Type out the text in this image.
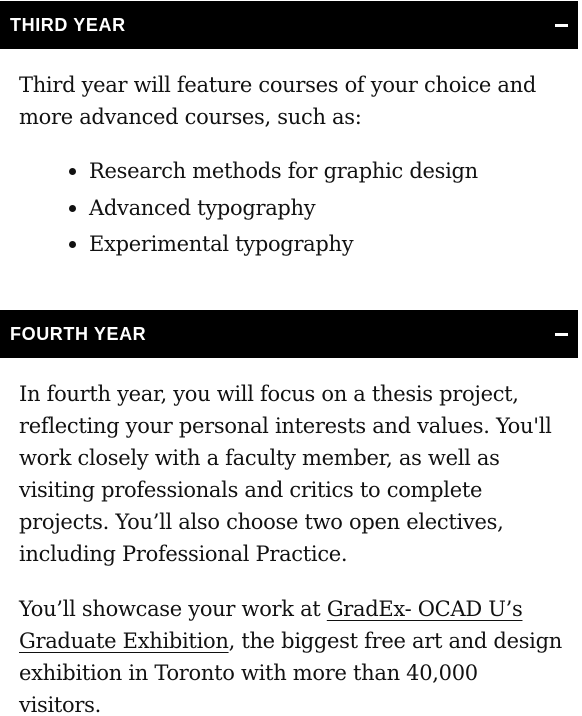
THIRD YEAR

Third year will feature courses of your choice and more advanced courses, such as:

Research methods for graphic design
Advanced typography
Experimental typography
FOURTH YEAR

In fourth year, you will focus on a thesis project, reflecting your personal interests and values. You'll work closely with a faculty member, as well as visiting professionals and critics to complete projects. You’ll also choose two open electives, including Professional Practice.

You’ll showcase your work at GradEx- OCAD U’s Graduate Exhibition, the biggest free art and design exhibition in Toronto with more than 40,000 visitors.
